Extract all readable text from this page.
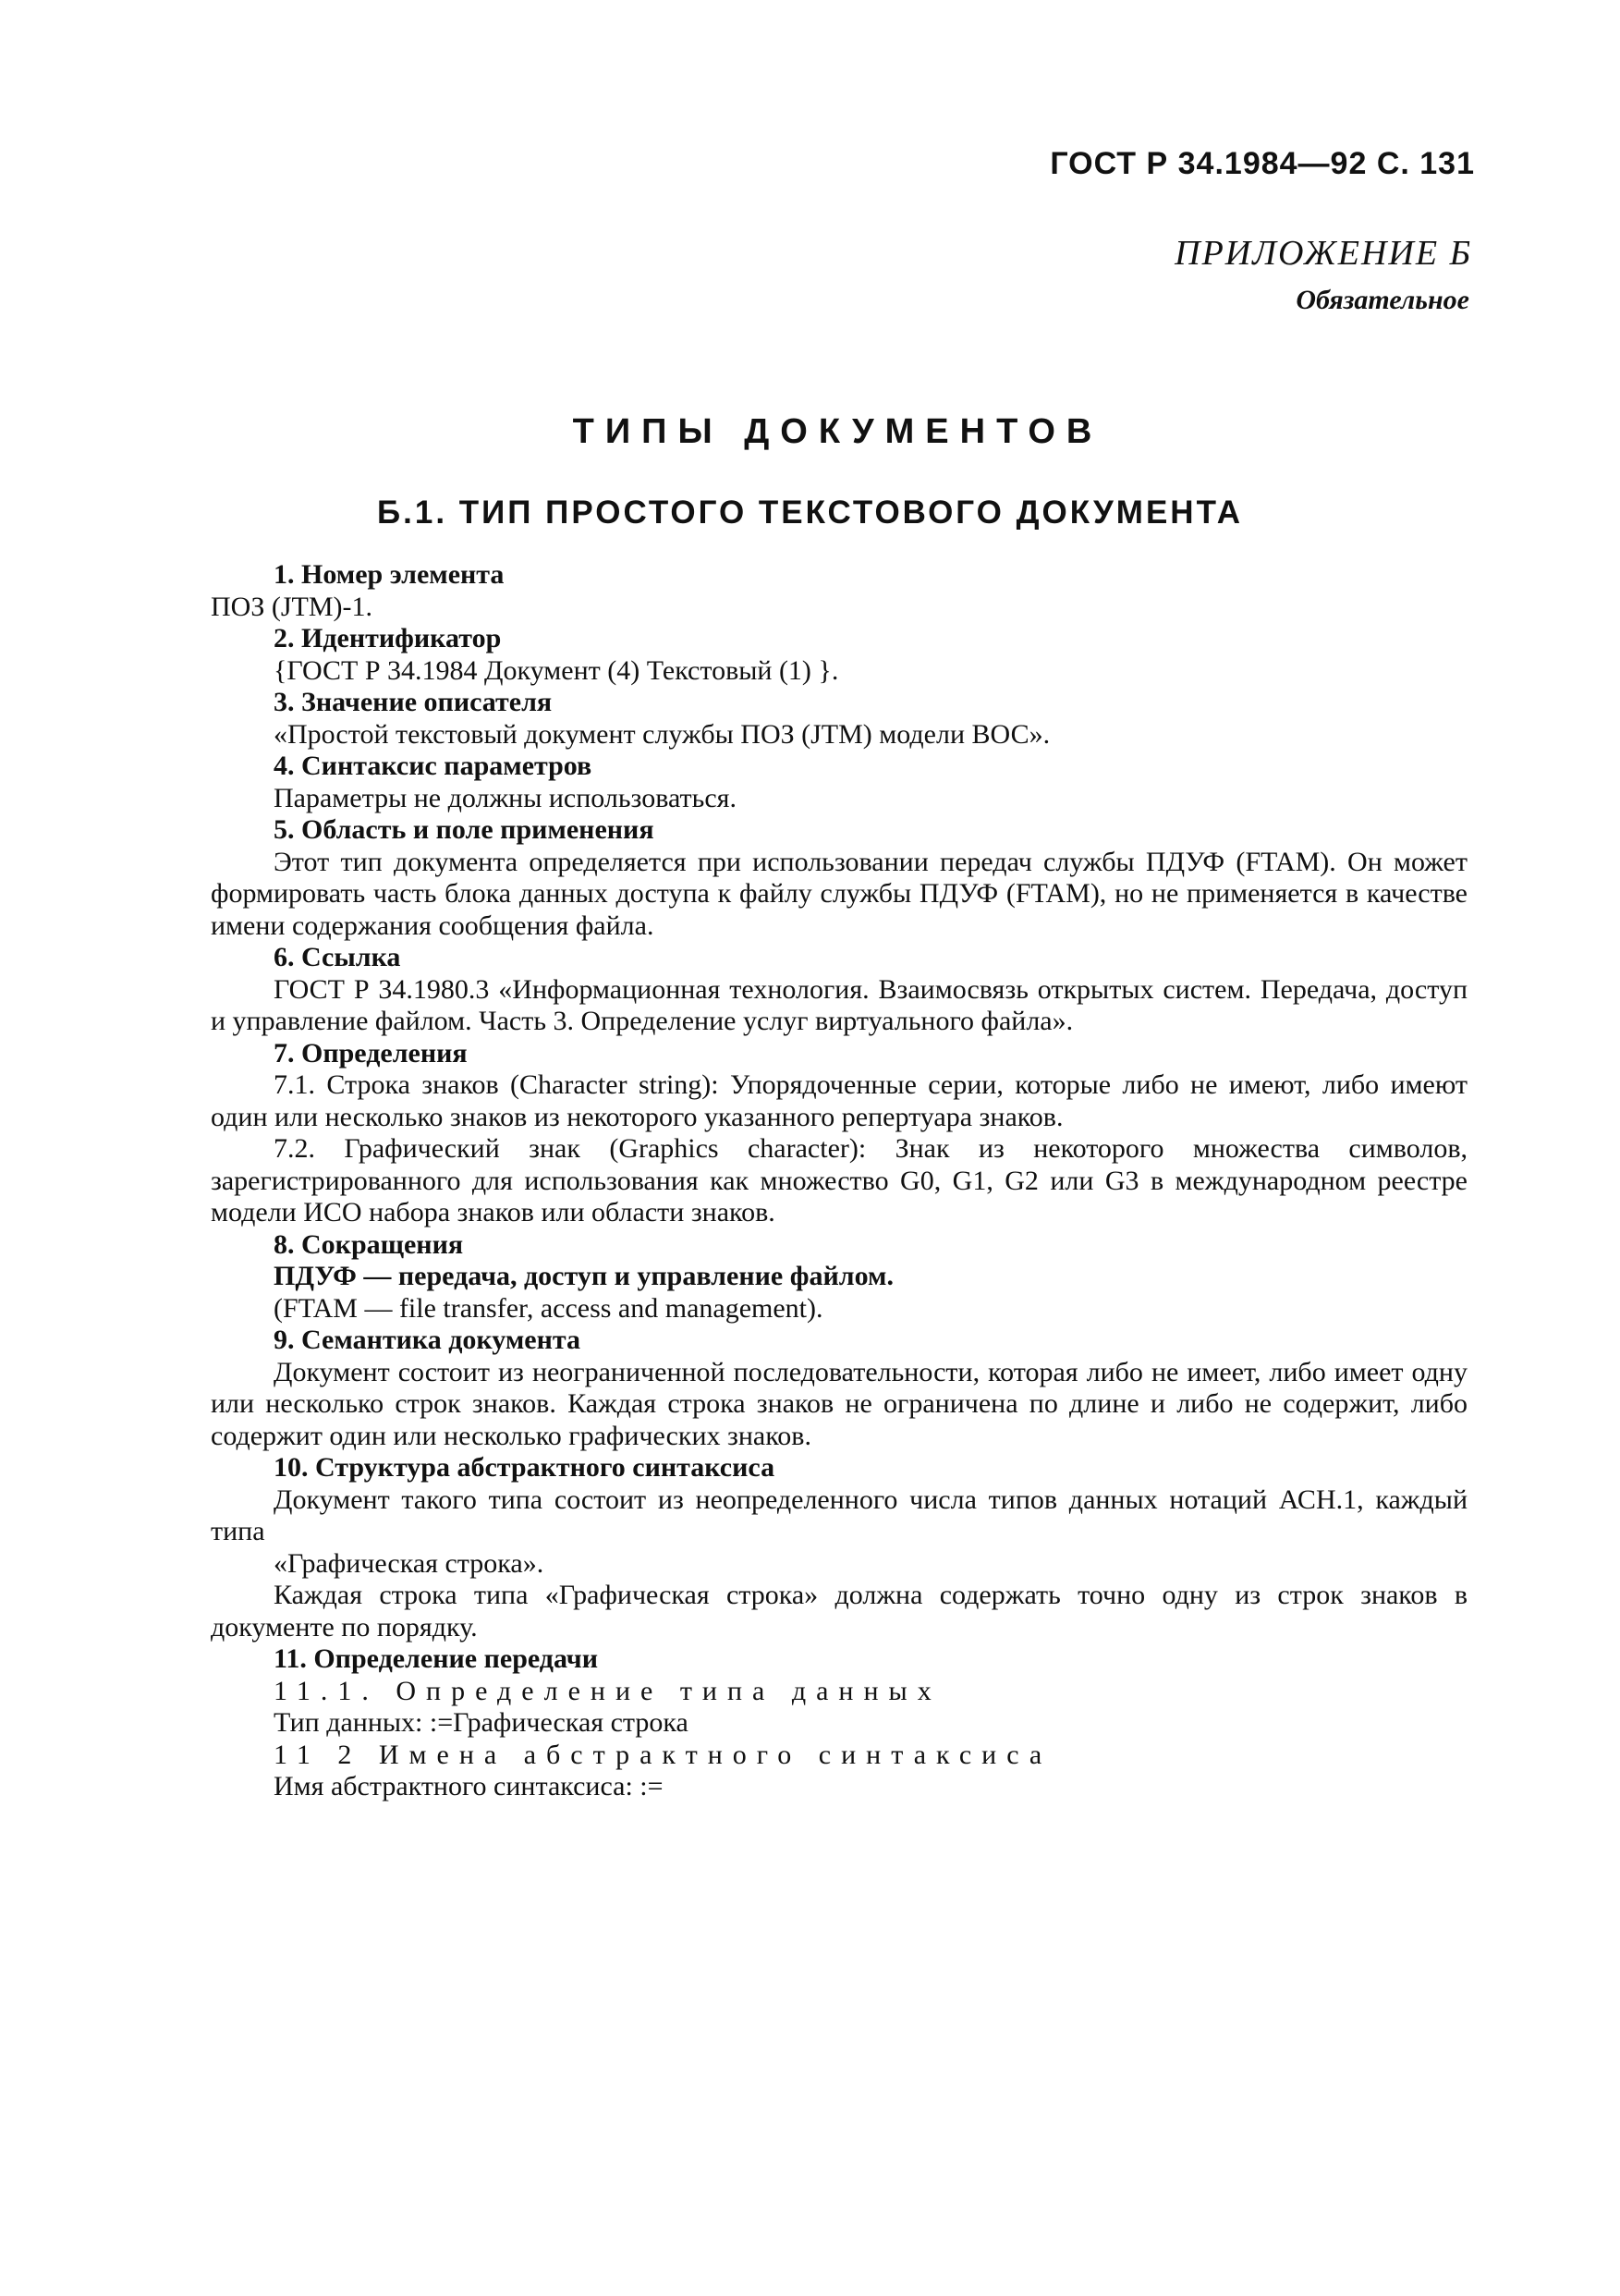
ГОСТ Р 34.1984—92 С. 131
ПРИЛОЖЕНИЕ Б
Обязательное
ТИПЫ ДОКУМЕНТОВ
Б.1. ТИП ПРОСТОГО ТЕКСТОВОГО ДОКУМЕНТА
1. Номер элемента
ПОЗ (JTM)-1.
2. Идентификатор
{ГОСТ Р 34.1984 Документ (4) Текстовый (1) }.
3. Значение описателя
«Простой текстовый документ службы ПОЗ (JTM) модели ВОС».
4. Синтаксис параметров
Параметры не должны использоваться.
5. Область и поле применения
Этот тип документа определяется при использовании передач службы ПДУФ (FTAM). Он может формировать часть блока данных доступа к файлу службы ПДУФ (FTAM), но не применяется в качестве имени содержания сообщения файла.
6. Ссылка
ГОСТ Р 34.1980.3 «Информационная технология. Взаимосвязь открытых систем. Передача, доступ и управление файлом. Часть 3. Определение услуг виртуального файла».
7. Определения
7.1. Строка знаков (Character string): Упорядоченные серии, которые либо не имеют, либо имеют один или несколько знаков из некоторого указанного репертуара знаков.
7.2. Графический знак (Graphics character): Знак из некоторого множества символов, зарегистрированного для использования как множество G0, G1, G2 или G3 в международном реестре модели ИСО набора знаков или области знаков.
8. Сокращения
ПДУФ — передача, доступ и управление файлом.
(FTAM — file transfer, access and management).
9. Семантика документа
Документ состоит из неограниченной последовательности, которая либо не имеет, либо имеет одну или несколько строк знаков. Каждая строка знаков не ограничена по длине и либо не содержит, либо содержит один или несколько графических знаков.
10. Структура абстрактного синтаксиса
Документ такого типа состоит из неопределенного числа типов данных нотаций АСН.1, каждый типа
«Графическая строка».
Каждая строка типа «Графическая строка» должна содержать точно одну из строк знаков в документе по порядку.
11. Определение передачи
11.1. Определение типа данных
Тип данных: :=Графическая строка
11 2 Имена абстрактного синтаксиса
Имя абстрактного синтаксиса: :=
